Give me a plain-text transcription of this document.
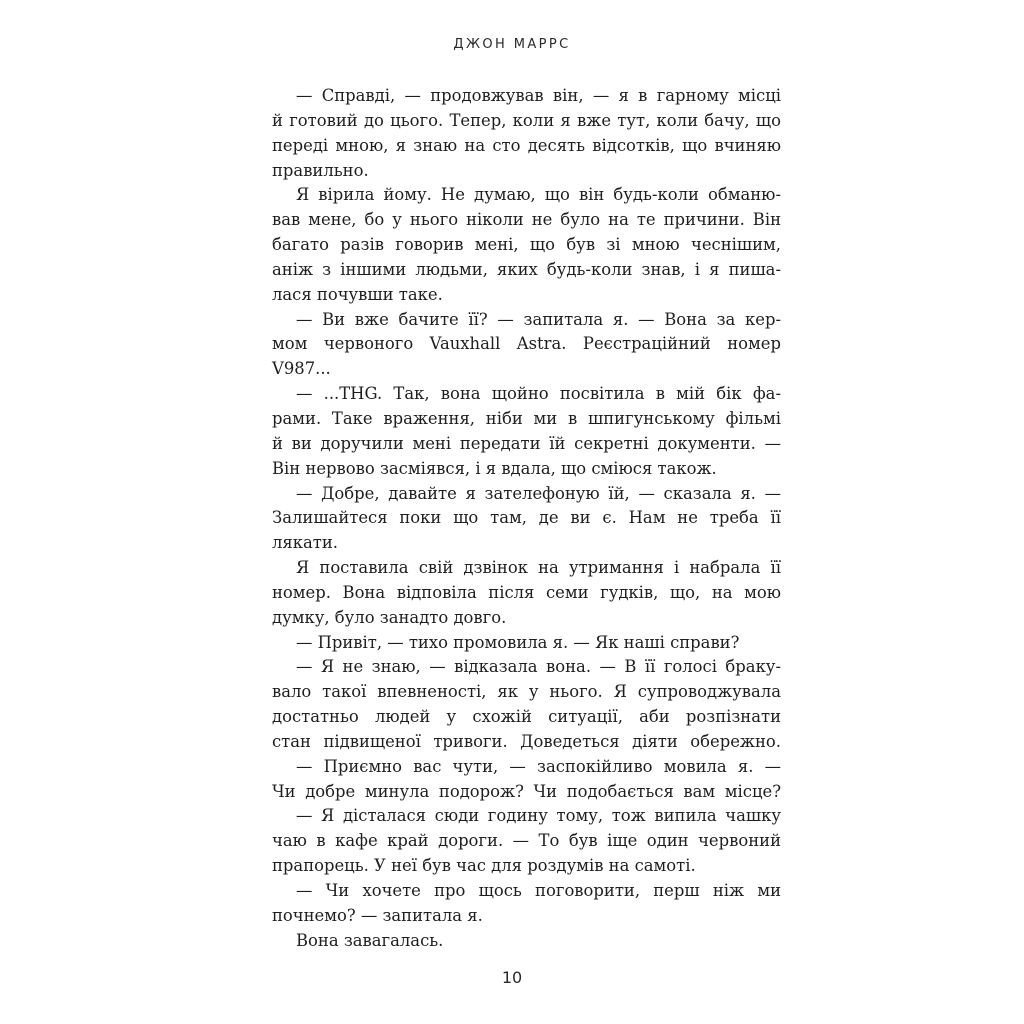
ДЖОН МАРРС
— Справді, — продовжував він, — я в гарному місці
й готовий до цього. Тепер, коли я вже тут, коли бачу, що
переді мною, я знаю на сто десять відсотків, що вчиняю
правильно.
Я вірила йому. Не думаю, що він будь-коли обманю-
вав мене, бо у нього ніколи не було на те причини. Він
багато разів говорив мені, що був зі мною чеснішим,
аніж з іншими людьми, яких будь-коли знав, і я пиша-
лася почувши таке.
— Ви вже бачите її? — запитала я. — Вона за кер-
мом червоного Vauxhall Astra. Реєстраційний номер
V987...
— ...THG. Так, вона щойно посвітила в мій бік фа-
рами. Таке враження, ніби ми в шпигунському фільмі
й ви доручили мені передати їй секретні документи. —
Він нервово засміявся, і я вдала, що сміюся також.
— Добре, давайте я зателефоную їй, — сказала я. —
Залишайтеся поки що там, де ви є. Нам не треба її
лякати.
Я поставила свій дзвінок на утримання і набрала її
номер. Вона відповіла після семи гудків, що, на мою
думку, було занадто довго.
— Привіт, — тихо промовила я. — Як наші справи?
— Я не знаю, — відказала вона. — В її голосі браку-
вало такої впевненості, як у нього. Я супроводжувала
достатньо людей у схожій ситуації, аби розпізнати
стан підвищеної тривоги. Доведеться діяти обережно.
— Приємно вас чути, — заспокійливо мовила я. —
Чи добре минула подорож? Чи подобається вам місце?
— Я дісталася сюди годину тому, тож випила чашку
чаю в кафе край дороги. — То був іще один червоний
прапорець. У неї був час для роздумів на самоті.
— Чи хочете про щось поговорити, перш ніж ми
почнемо? — запитала я.
Вона завагалась.
10
